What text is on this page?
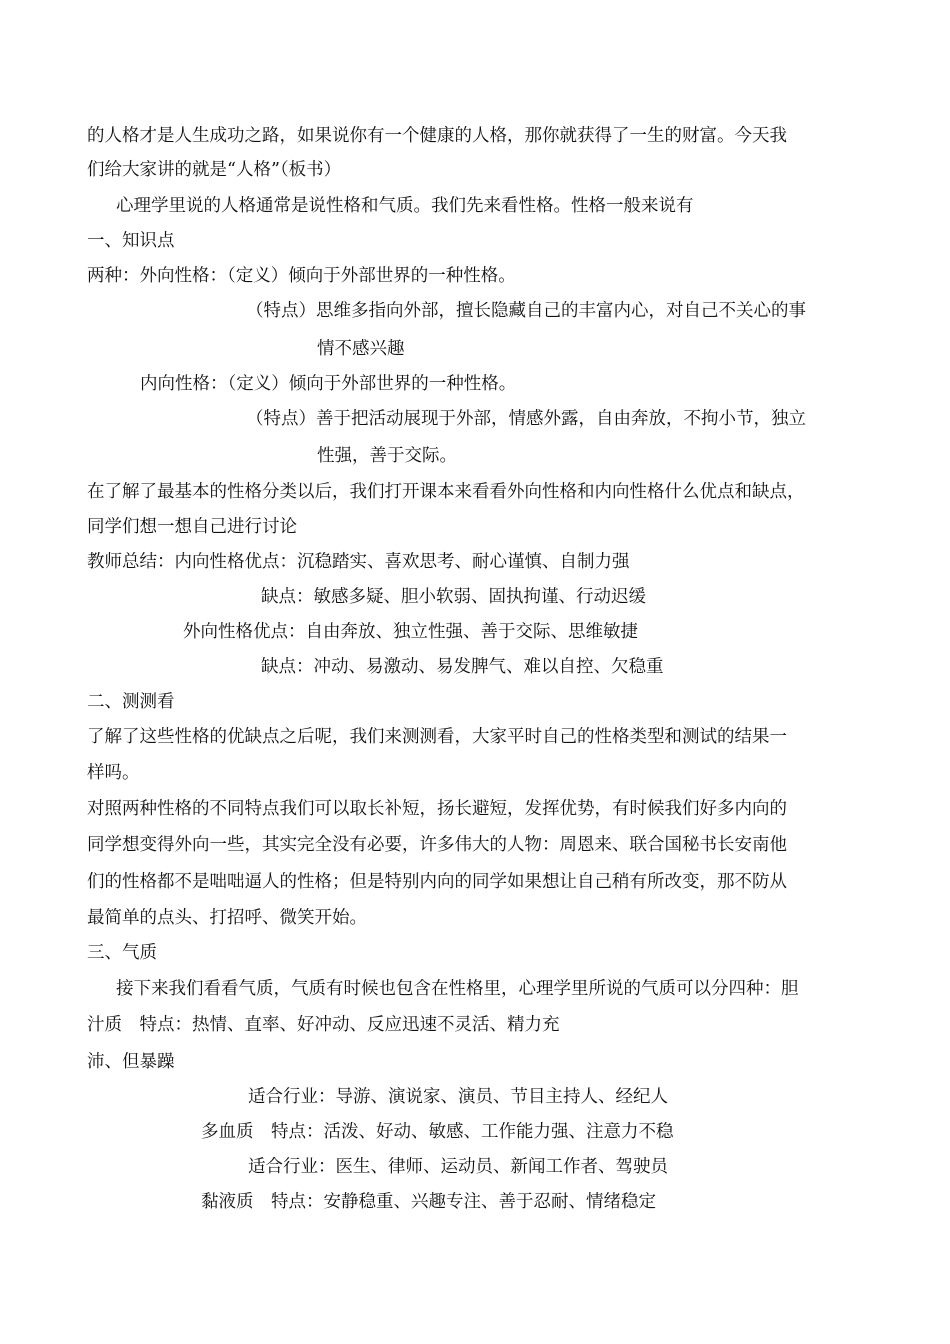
的人格才是人生成功之路，如果说你有一个健康的人格，那你就获得了一生的财富。今天我
们给大家讲的就是“人格”（板书）
心理学里说的人格通常是说性格和气质。我们先来看性格。性格一般来说有
一、知识点
两种：外向性格：（定义）倾向于外部世界的一种性格。
（特点）思维多指向外部，擅长隐藏自己的丰富内心，对自己不关心的事
情不感兴趣
内向性格：（定义）倾向于外部世界的一种性格。
（特点）善于把活动展现于外部，情感外露，自由奔放，不拘小节，独立
性强，善于交际。
在了解了最基本的性格分类以后，我们打开课本来看看外向性格和内向性格什么优点和缺点，
同学们想一想自己进行讨论
教师总结：内向性格优点：沉稳踏实、喜欢思考、耐心谨慎、自制力强
缺点：敏感多疑、胆小软弱、固执拘谨、行动迟缓
外向性格优点：自由奔放、独立性强、善于交际、思维敏捷
缺点：冲动、易激动、易发脾气、难以自控、欠稳重
二、测测看
了解了这些性格的优缺点之后呢，我们来测测看，大家平时自己的性格类型和测试的结果一
样吗。
对照两种性格的不同特点我们可以取长补短，扬长避短，发挥优势，有时候我们好多内向的
同学想变得外向一些，其实完全没有必要，许多伟大的人物：周恩来、联合国秘书长安南他
们的性格都不是咄咄逼人的性格；但是特别内向的同学如果想让自己稍有所改变，那不防从
最简单的点头、打招呼、微笑开始。
三、气质
接下来我们看看气质，气质有时候也包含在性格里，心理学里所说的气质可以分四种：胆
汁质　特点：热情、直率、好冲动、反应迅速不灵活、精力充
沛、但暴躁
适合行业：导游、演说家、演员、节目主持人、经纪人
多血质　特点：活泼、好动、敏感、工作能力强、注意力不稳
适合行业：医生、律师、运动员、新闻工作者、驾驶员
黏液质　特点：安静稳重、兴趣专注、善于忍耐、情绪稳定
